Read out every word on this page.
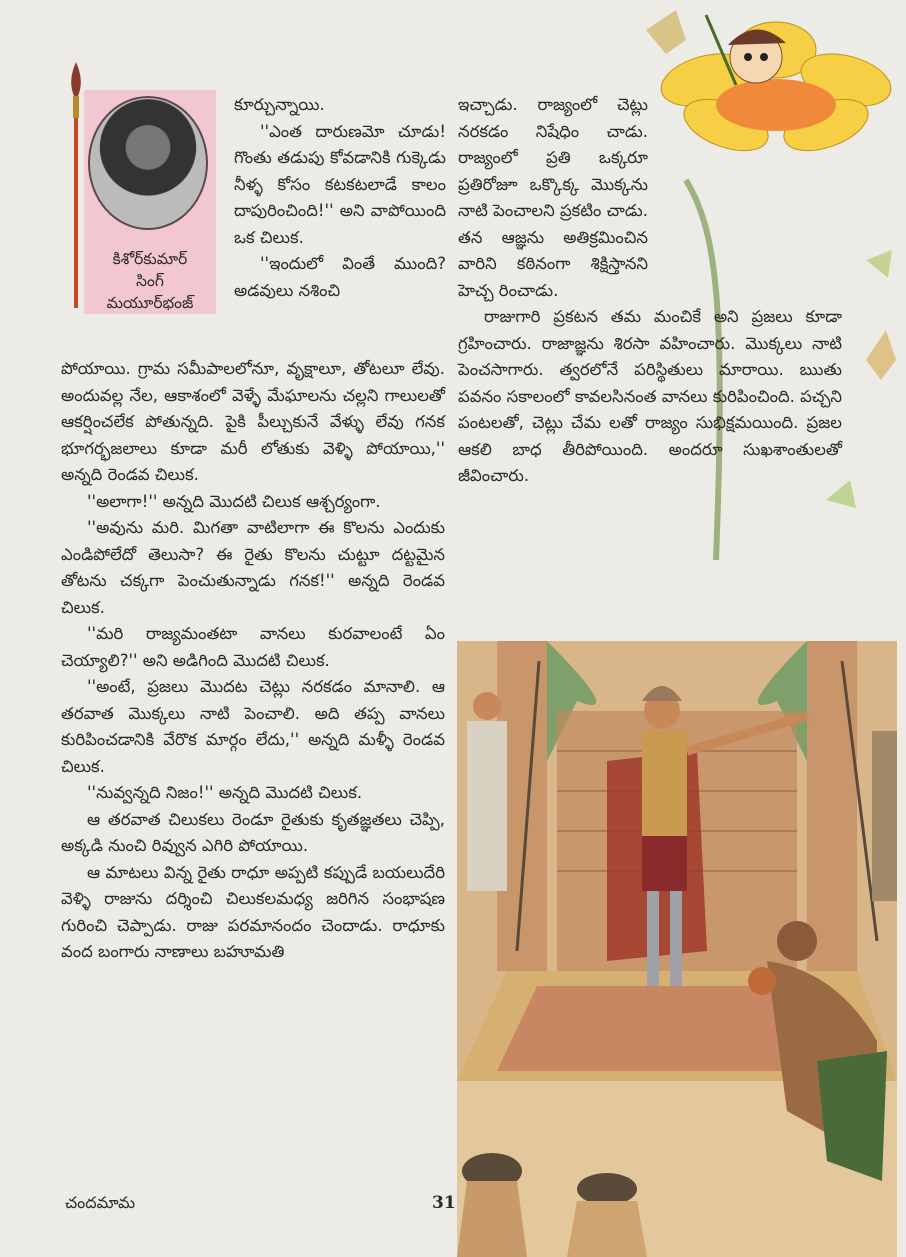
కిశోర్‌కుమార్
సింగ్
మయూర్‌భంజ్

కూర్చున్నాయి.

''ఎంత దారుణమో చూడు! గొంతు తడుపు కోవడానికి గుక్కెడు నీళ్ళ కోసం కటకటలాడే కాలం దాపురించింది!'' అని వాపోయింది ఒక చిలుక.

''ఇందులో వింతే ముంది? అడవులు నశించి

పోయాయి. గ్రామ సమీపాలలోనూ, వృక్షాలూ, తోటలూ లేవు. అందువల్ల నేల, ఆకాశంలో వెళ్ళే మేఘాలను చల్లని గాలులతో ఆకర్షించలేక పోతున్నది. పైకి పీల్చుకునే వేళ్ళు లేవు గనక భూగర్భజలాలు కూడా మరీ లోతుకు వెళ్ళి పోయాయి,'' అన్నది రెండవ చిలుక.

''అలాగా!'' అన్నది మొదటి చిలుక ఆశ్చర్యంగా.

''అవును మరి. మిగతా వాటిలాగా ఈ కొలను ఎందుకు ఎండిపోలేదో తెలుసా? ఈ రైతు కొలను చుట్టూ దట్టమైన తోటను చక్కగా పెంచుతున్నాడు గనక!'' అన్నది రెండవ చిలుక.

''మరి రాజ్యమంతటా వానలు కురవాలంటే ఏం చెయ్యాలి?'' అని అడిగింది మొదటి చిలుక.

''అంటే, ప్రజలు మొదట చెట్లు నరకడం మానాలి. ఆ తరవాత మొక్కలు నాటి పెంచాలి. అది తప్ప వానలు కురిపించడానికి వేరొక మార్గం లేదు,'' అన్నది మళ్ళీ రెండవ చిలుక.

''నువ్వన్నది నిజం!'' అన్నది మొదటి చిలుక.

ఆ తరవాత చిలుకలు రెండూ రైతుకు కృతజ్ఞతలు చెప్పి, అక్కడి నుంచి రివ్వున ఎగిరి పోయాయి.

ఆ మాటలు విన్న రైతు రాధూ అప్పటి కప్పుడే బయలుదేరి వెళ్ళి రాజును దర్శించి చిలుకలమధ్య జరిగిన సంభాషణ గురించి చెప్పాడు. రాజు పరమానందం చెందాడు. రాధూకు వంద బంగారు నాణాలు బహూమతి

ఇచ్చాడు. రాజ్యంలో చెట్లు నరకడం నిషేధిం చాడు. రాజ్యంలో ప్రతి ఒక్కరూ ప్రతిరోజూ ఒక్కొక్క మొక్కను నాటి పెంచాలని ప్రకటిం చాడు. తన ఆజ్ఞను అతిక్రమించిన వారిని కఠినంగా శిక్షిస్తానని హెచ్చ రించాడు.

రాజుగారి ప్రకటన తమ మంచికే అని ప్రజలు కూడా గ్రహించారు. రాజాజ్ఞను శిరసా వహించారు. మొక్కలు నాటి పెంచసాగారు. త్వరలోనే పరిస్థితులు మారాయి. ఋతు పవనం సకాలంలో కావలసినంత వానలు కురిపించింది. పచ్చని పంటలతో, చెట్లు చేమ లతో రాజ్యం సుభిక్షమయింది. ప్రజల ఆకలి బాధ తీరిపోయింది. అందరూ సుఖశాంతులతో జీవించారు.

చందమామ	31
